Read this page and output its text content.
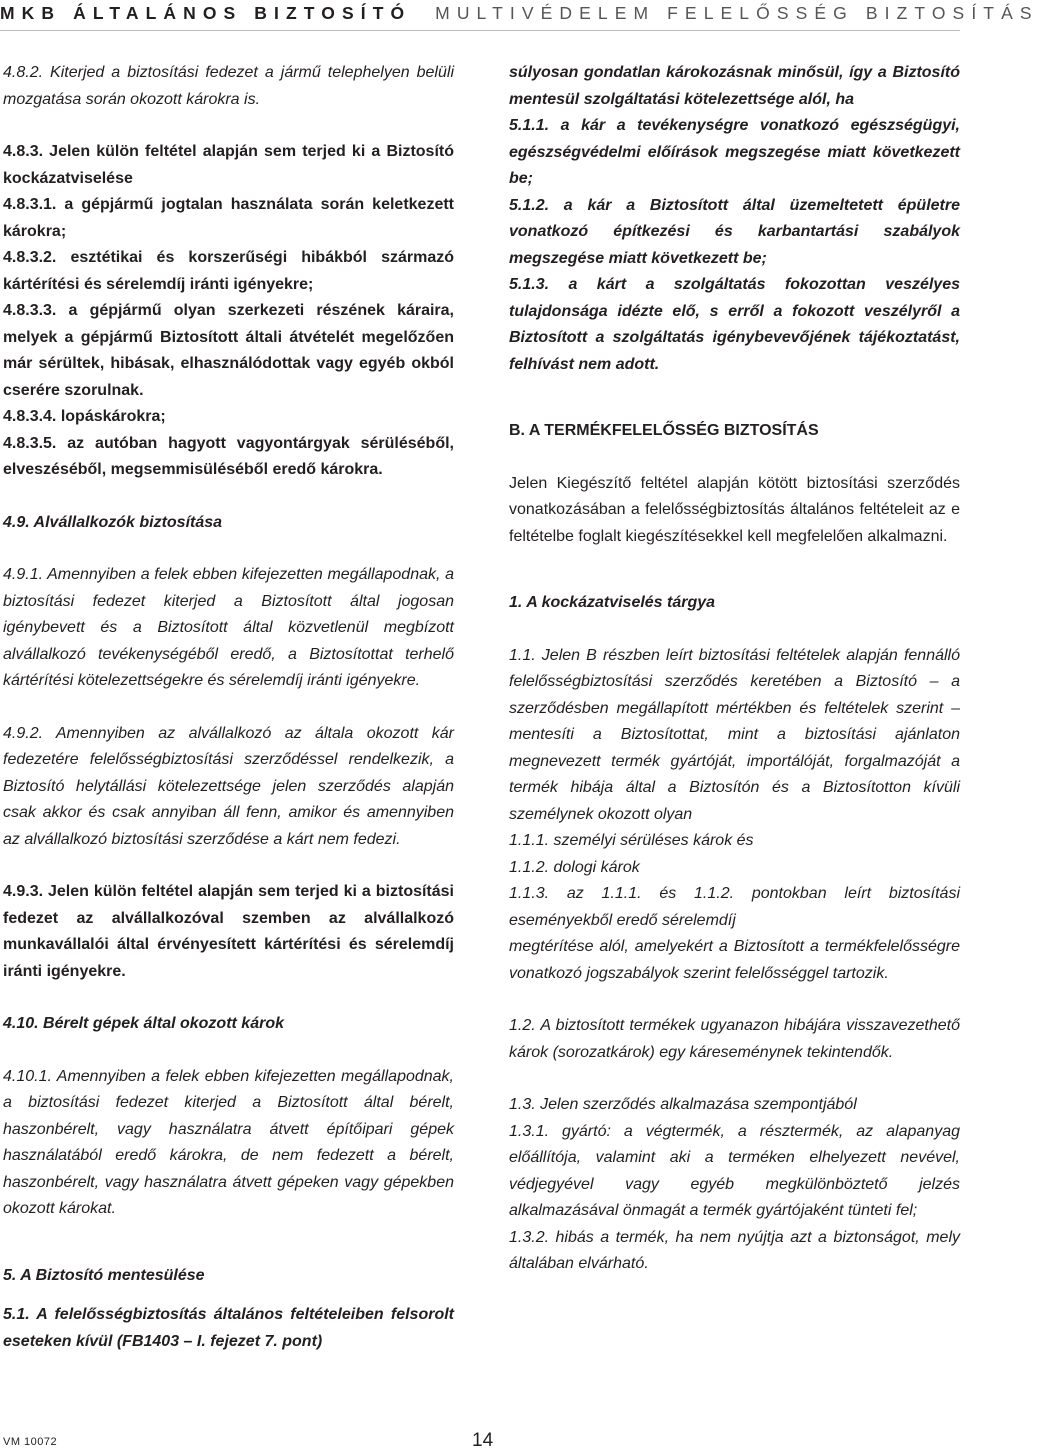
MKB ÁLTALÁNOS BIZTOSÍTÓ MULTIVÉDELEM FELELŐSSÉG BIZTOSÍTÁS

4.8.2. Kiterjed a biztosítási fedezet a jármű telephelyen belüli mozgatása során okozott károkra is.

4.8.3. Jelen külön feltétel alapján sem terjed ki a Biztosító kockázatviselése

4.8.3.1. a gépjármű jogtalan használata során keletkezett károkra;

4.8.3.2. esztétikai és korszerűségi hibákból származó kártérítési és sérelemdíj iránti igényekre;

4.8.3.3. a gépjármű olyan szerkezeti részének káraira, melyek a gépjármű Biztosított általi átvételét megelőzően már sérültek, hibásak, elhasználódottak vagy egyéb okból cserére szorulnak.

4.8.3.4. lopáskárokra;

4.8.3.5. az autóban hagyott vagyontárgyak sérüléséből, elveszéséből, megsemmisüléséből eredő károkra.

4.9. Alvállalkozók biztosítása

4.9.1. Amennyiben a felek ebben kifejezetten megállapodnak, a biztosítási fedezet kiterjed a Biztosított által jogosan igénybevett és a Biztosított által közvetlenül megbízott alvállalkozó tevékenységéből eredő, a Biztosítottat terhelő kártérítési kötelezettségekre és sérelemdíj iránti igényekre.

4.9.2. Amennyiben az alvállalkozó az általa okozott kár fedezetére felelősségbiztosítási szerződéssel rendelkezik, a Biztosító helytállási kötelezettsége jelen szerződés alapján csak akkor és csak annyiban áll fenn, amikor és amennyiben az alvállalkozó biztosítási szerződése a kárt nem fedezi.

4.9.3. Jelen külön feltétel alapján sem terjed ki a biztosítási fedezet az alvállalkozóval szemben az alvállalkozó munkavállalói által érvényesített kártérítési és sérelemdíj iránti igényekre.

4.10. Bérelt gépek által okozott károk

4.10.1. Amennyiben a felek ebben kifejezetten megállapodnak, a biztosítási fedezet kiterjed a Biztosított által bérelt, haszonbérelt, vagy használatra átvett építőipari gépek használatából eredő károkra, de nem fedezett a bérelt, haszonbérelt, vagy használatra átvett gépeken vagy gépekben okozott károkat.

5. A Biztosító mentesülése

5.1. A felelősségbiztosítás általános feltételeiben felsorolt eseteken kívül (FB1403 – I. fejezet 7. pont)

súlyosan gondatlan károkozásnak minősül, így a Biztosító mentesül szolgáltatási kötelezettsége alól, ha

5.1.1. a kár a tevékenységre vonatkozó egészségügyi, egészségvédelmi előírások megszegése miatt következett be;

5.1.2. a kár a Biztosított által üzemeltetett épületre vonatkozó építkezési és karbantartási szabályok megszegése miatt következett be;

5.1.3. a kárt a szolgáltatás fokozottan veszélyes tulajdonsága idézte elő, s erről a fokozott veszélyről a Biztosított a szolgáltatás igénybevevőjének tájékoztatást, felhívást nem adott.

B. A TERMÉKFELELŐSSÉG BIZTOSÍTÁS

Jelen Kiegészítő feltétel alapján kötött biztosítási szerződés vonatkozásában a felelősségbiztosítás általános feltételeit az e feltételbe foglalt kiegészítésekkel kell megfelelően alkalmazni.

1. A kockázatviselés tárgya

1.1. Jelen B részben leírt biztosítási feltételek alapján fennálló felelősségbiztosítási szerződés keretében a Biztosító – a szerződésben megállapított mértékben és feltételek szerint – mentesíti a Biztosítottat, mint a biztosítási ajánlaton megnevezett termék gyártóját, importálóját, forgalmazóját a termék hibája által a Biztosítón és a Biztosítotton kívüli személynek okozott olyan

1.1.1. személyi sérüléses károk és

1.1.2. dologi károk

1.1.3. az 1.1.1. és 1.1.2. pontokban leírt biztosítási eseményekből eredő sérelemdíj

megtérítése alól, amelyekért a Biztosított a termékfelelősségre vonatkozó jogszabályok szerint felelősséggel tartozik.

1.2. A biztosított termékek ugyanazon hibájára visszavezethető károk (sorozatkárok) egy káreseménynek tekintendők.

1.3. Jelen szerződés alkalmazása szempontjából

1.3.1. gyártó: a végtermék, a résztermék, az alapanyag előállítója, valamint aki a terméken elhelyezett nevével, védjegyével vagy egyéb megkülönböztető jelzés alkalmazásával önmagát a termék gyártójaként tünteti fel;

1.3.2. hibás a termék, ha nem nyújtja azt a biztonságot, mely általában elvárható.

VM 10072	14
